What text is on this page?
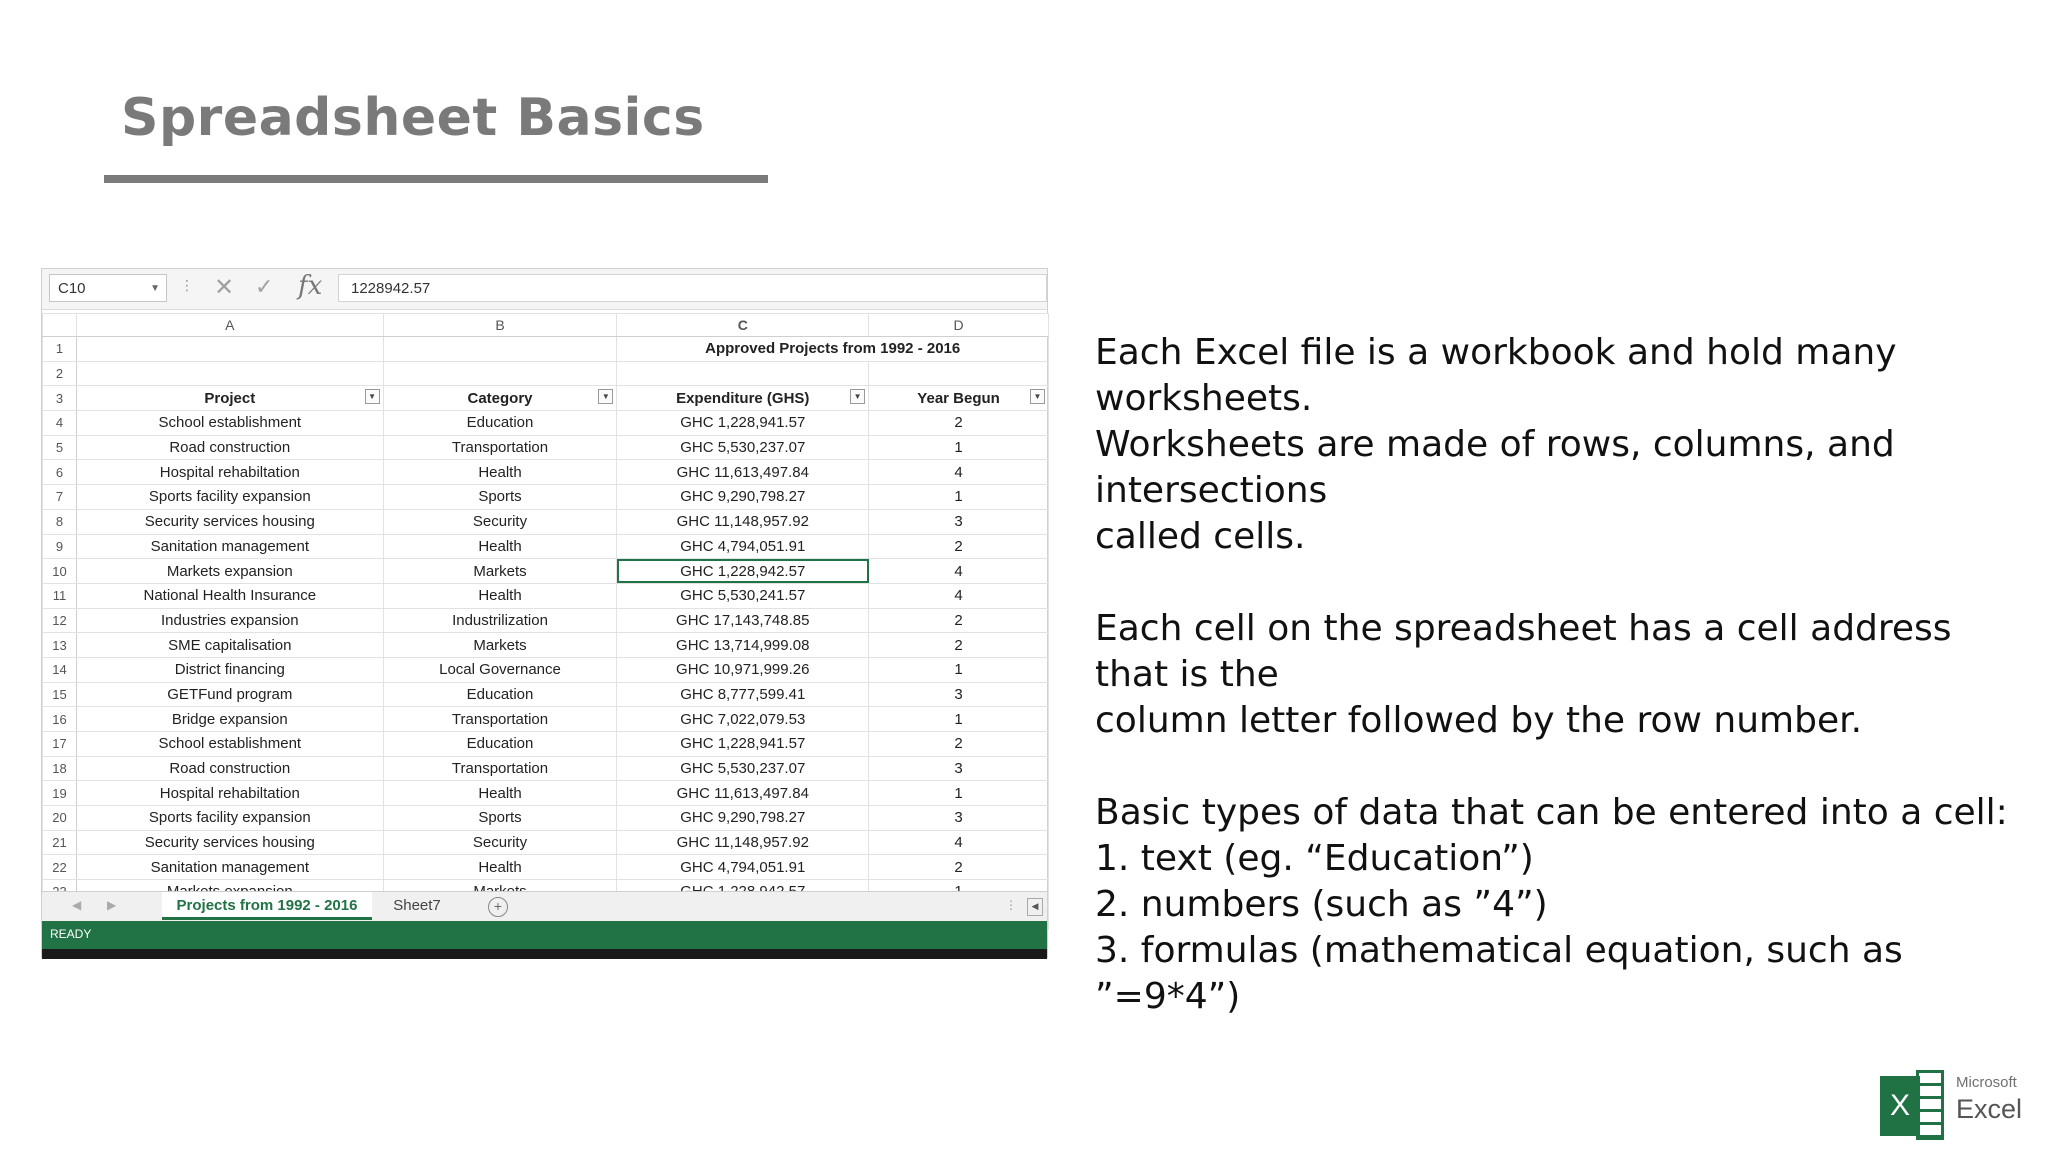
Spreadsheet Basics
C10	▼ ⋮ ✕ ✓ fx	1228942.57
	A	B	C	D
1			Approved Projects from 1992 - 2016	
2				
3	Project ▼	Category ▼	Expenditure (GHS) ▼	Year Begun ▼

4	School establishment	Education	GHC 1,228,941.57	2
5	Road construction	Transportation	GHC 5,530,237.07	1
6	Hospital rehabiltation	Health	GHC 11,613,497.84	4
7	Sports facility expansion	Sports	GHC 9,290,798.27	1
8	Security services housing	Security	GHC 11,148,957.92	3
9	Sanitation management	Health	GHC 4,794,051.91	2
10	Markets expansion	Markets	GHC 1,228,942.57	4
11	National Health Insurance	Health	GHC 5,530,241.57	4
12	Industries expansion	Industrilization	GHC 17,143,748.85	2
13	SME capitalisation	Markets	GHC 13,714,999.08	2
14	District financing	Local Governance	GHC 10,971,999.26	1
15	GETFund program	Education	GHC 8,777,599.41	3
16	Bridge expansion	Transportation	GHC 7,022,079.53	1
17	School establishment	Education	GHC 1,228,941.57	2
18	Road construction	Transportation	GHC 5,530,237.07	3
19	Hospital rehabiltation	Health	GHC 11,613,497.84	1
20	Sports facility expansion	Sports	GHC 9,290,798.27	3
21	Security services housing	Security	GHC 11,148,957.92	4
22	Sanitation management	Health	GHC 4,794,051.91	2

◀ ▶	Projects from 1992 - 2016	Sheet7	+	⋮	◀
READY

Each Excel file is a workbook and hold many worksheets.

Worksheets are made of rows, columns, and intersections

called cells.

Each cell on the spreadsheet has a cell address that is the

column letter followed by the row number.

Basic types of data that can be entered into a cell:

1. text (eg. “Education”)

2. numbers (such as ”4”)

3. formulas (mathematical equation, such as ”=9*4”)

X
Microsoft
Excel
